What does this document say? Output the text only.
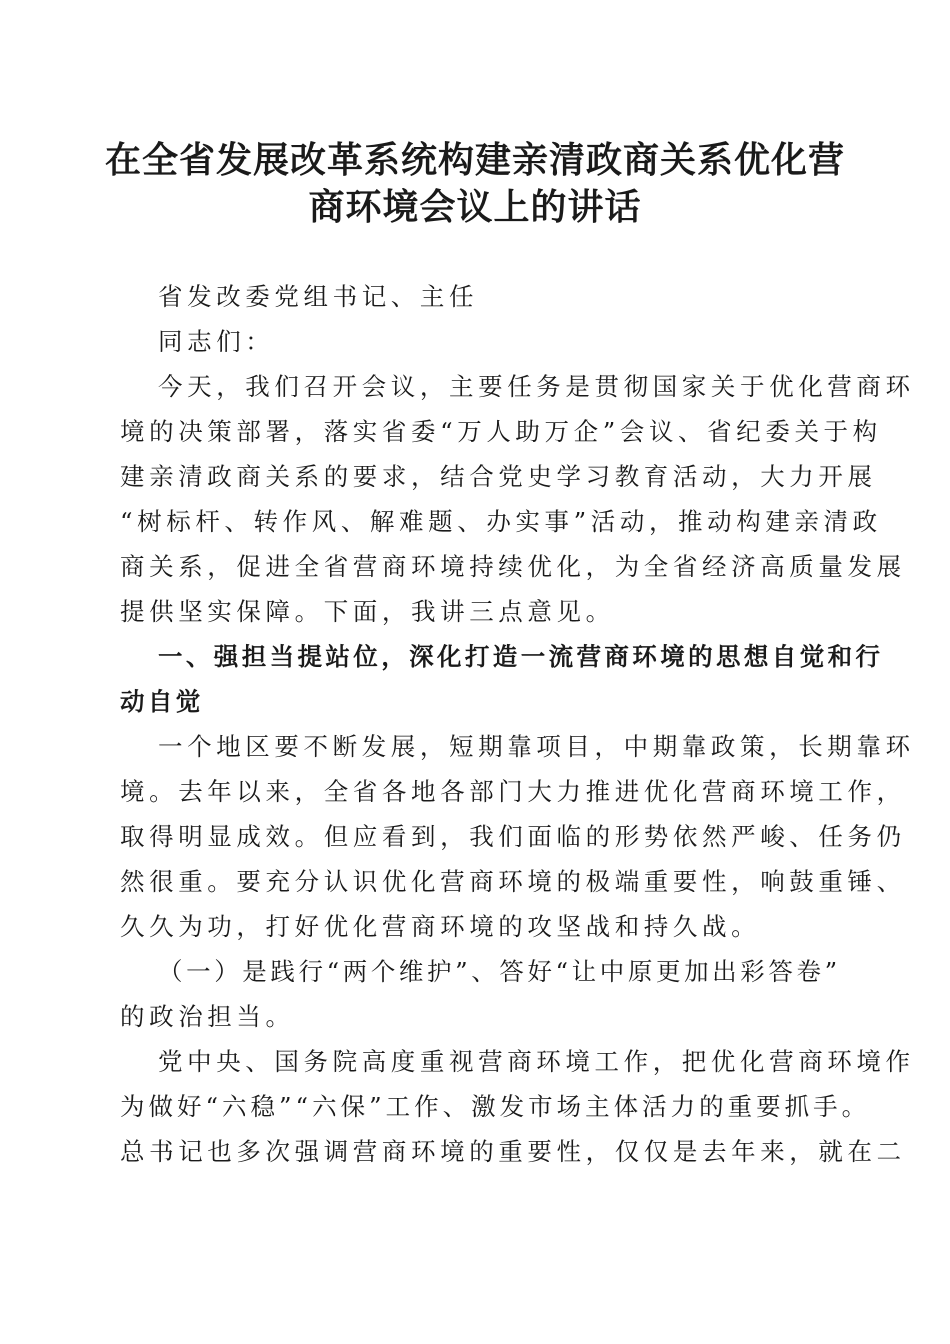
在全省发展改革系统构建亲清政商关系优化营
商环境会议上的讲话
省发改委党组书记、主任
同志们：
今天，我们召开会议，主要任务是贯彻国家关于优化营商环
境的决策部署，落实省委“万人助万企”会议、省纪委关于构
建亲清政商关系的要求，结合党史学习教育活动，大力开展
“树标杆、转作风、解难题、办实事”活动，推动构建亲清政
商关系，促进全省营商环境持续优化，为全省经济高质量发展
提供坚实保障。下面，我讲三点意见。
一、强担当提站位，深化打造一流营商环境的思想自觉和行
动自觉
一个地区要不断发展，短期靠项目，中期靠政策，长期靠环
境。去年以来，全省各地各部门大力推进优化营商环境工作，
取得明显成效。但应看到，我们面临的形势依然严峻、任务仍
然很重。要充分认识优化营商环境的极端重要性，响鼓重锤、
久久为功，打好优化营商环境的攻坚战和持久战。
（一）是践行“两个维护”、答好“让中原更加出彩答卷”
的政治担当。
党中央、国务院高度重视营商环境工作，把优化营商环境作
为做好“六稳”“六保”工作、激发市场主体活力的重要抓手。
总书记也多次强调营商环境的重要性，仅仅是去年来，就在二
